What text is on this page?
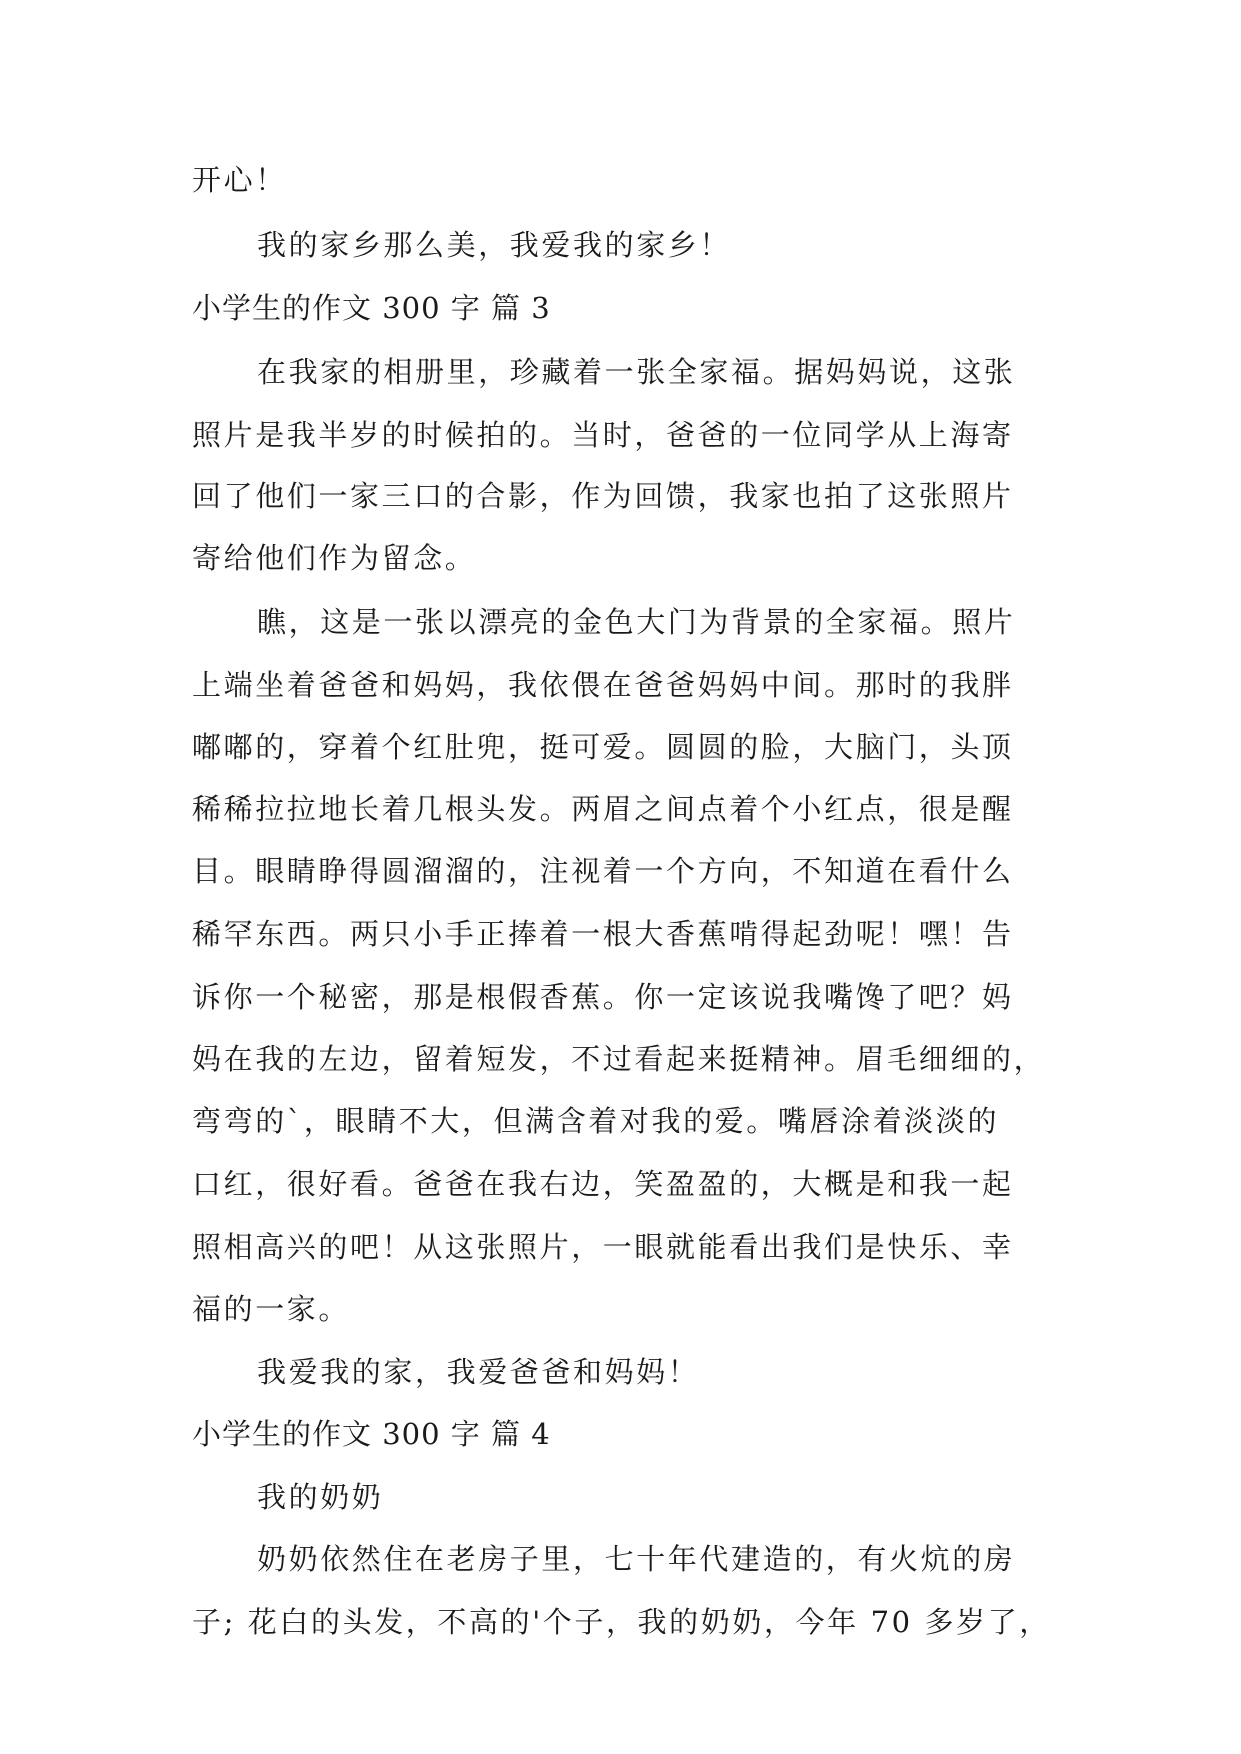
开心！
我的家乡那么美，我爱我的家乡！
小学生的作文 300 字 篇 3
在我家的相册里，珍藏着一张全家福。据妈妈说，这张
照片是我半岁的时候拍的。当时，爸爸的一位同学从上海寄
回了他们一家三口的合影，作为回馈，我家也拍了这张照片
寄给他们作为留念。
瞧，这是一张以漂亮的金色大门为背景的全家福。照片
上端坐着爸爸和妈妈，我依偎在爸爸妈妈中间。那时的我胖
嘟嘟的，穿着个红肚兜，挺可爱。圆圆的脸，大脑门，头顶
稀稀拉拉地长着几根头发。两眉之间点着个小红点，很是醒
目。眼睛睁得圆溜溜的，注视着一个方向，不知道在看什么
稀罕东西。两只小手正捧着一根大香蕉啃得起劲呢！嘿！告
诉你一个秘密，那是根假香蕉。你一定该说我嘴馋了吧？妈
妈在我的左边，留着短发，不过看起来挺精神。眉毛细细的，
弯弯的`，眼睛不大，但满含着对我的爱。嘴唇涂着淡淡的
口红，很好看。爸爸在我右边，笑盈盈的，大概是和我一起
照相高兴的吧！从这张照片，一眼就能看出我们是快乐、幸
福的一家。
我爱我的家，我爱爸爸和妈妈！
小学生的作文 300 字 篇 4
我的奶奶
奶奶依然住在老房子里，七十年代建造的，有火炕的房
子; 花白的头发，不高的'个子，我的奶奶，今年 70 多岁了，
